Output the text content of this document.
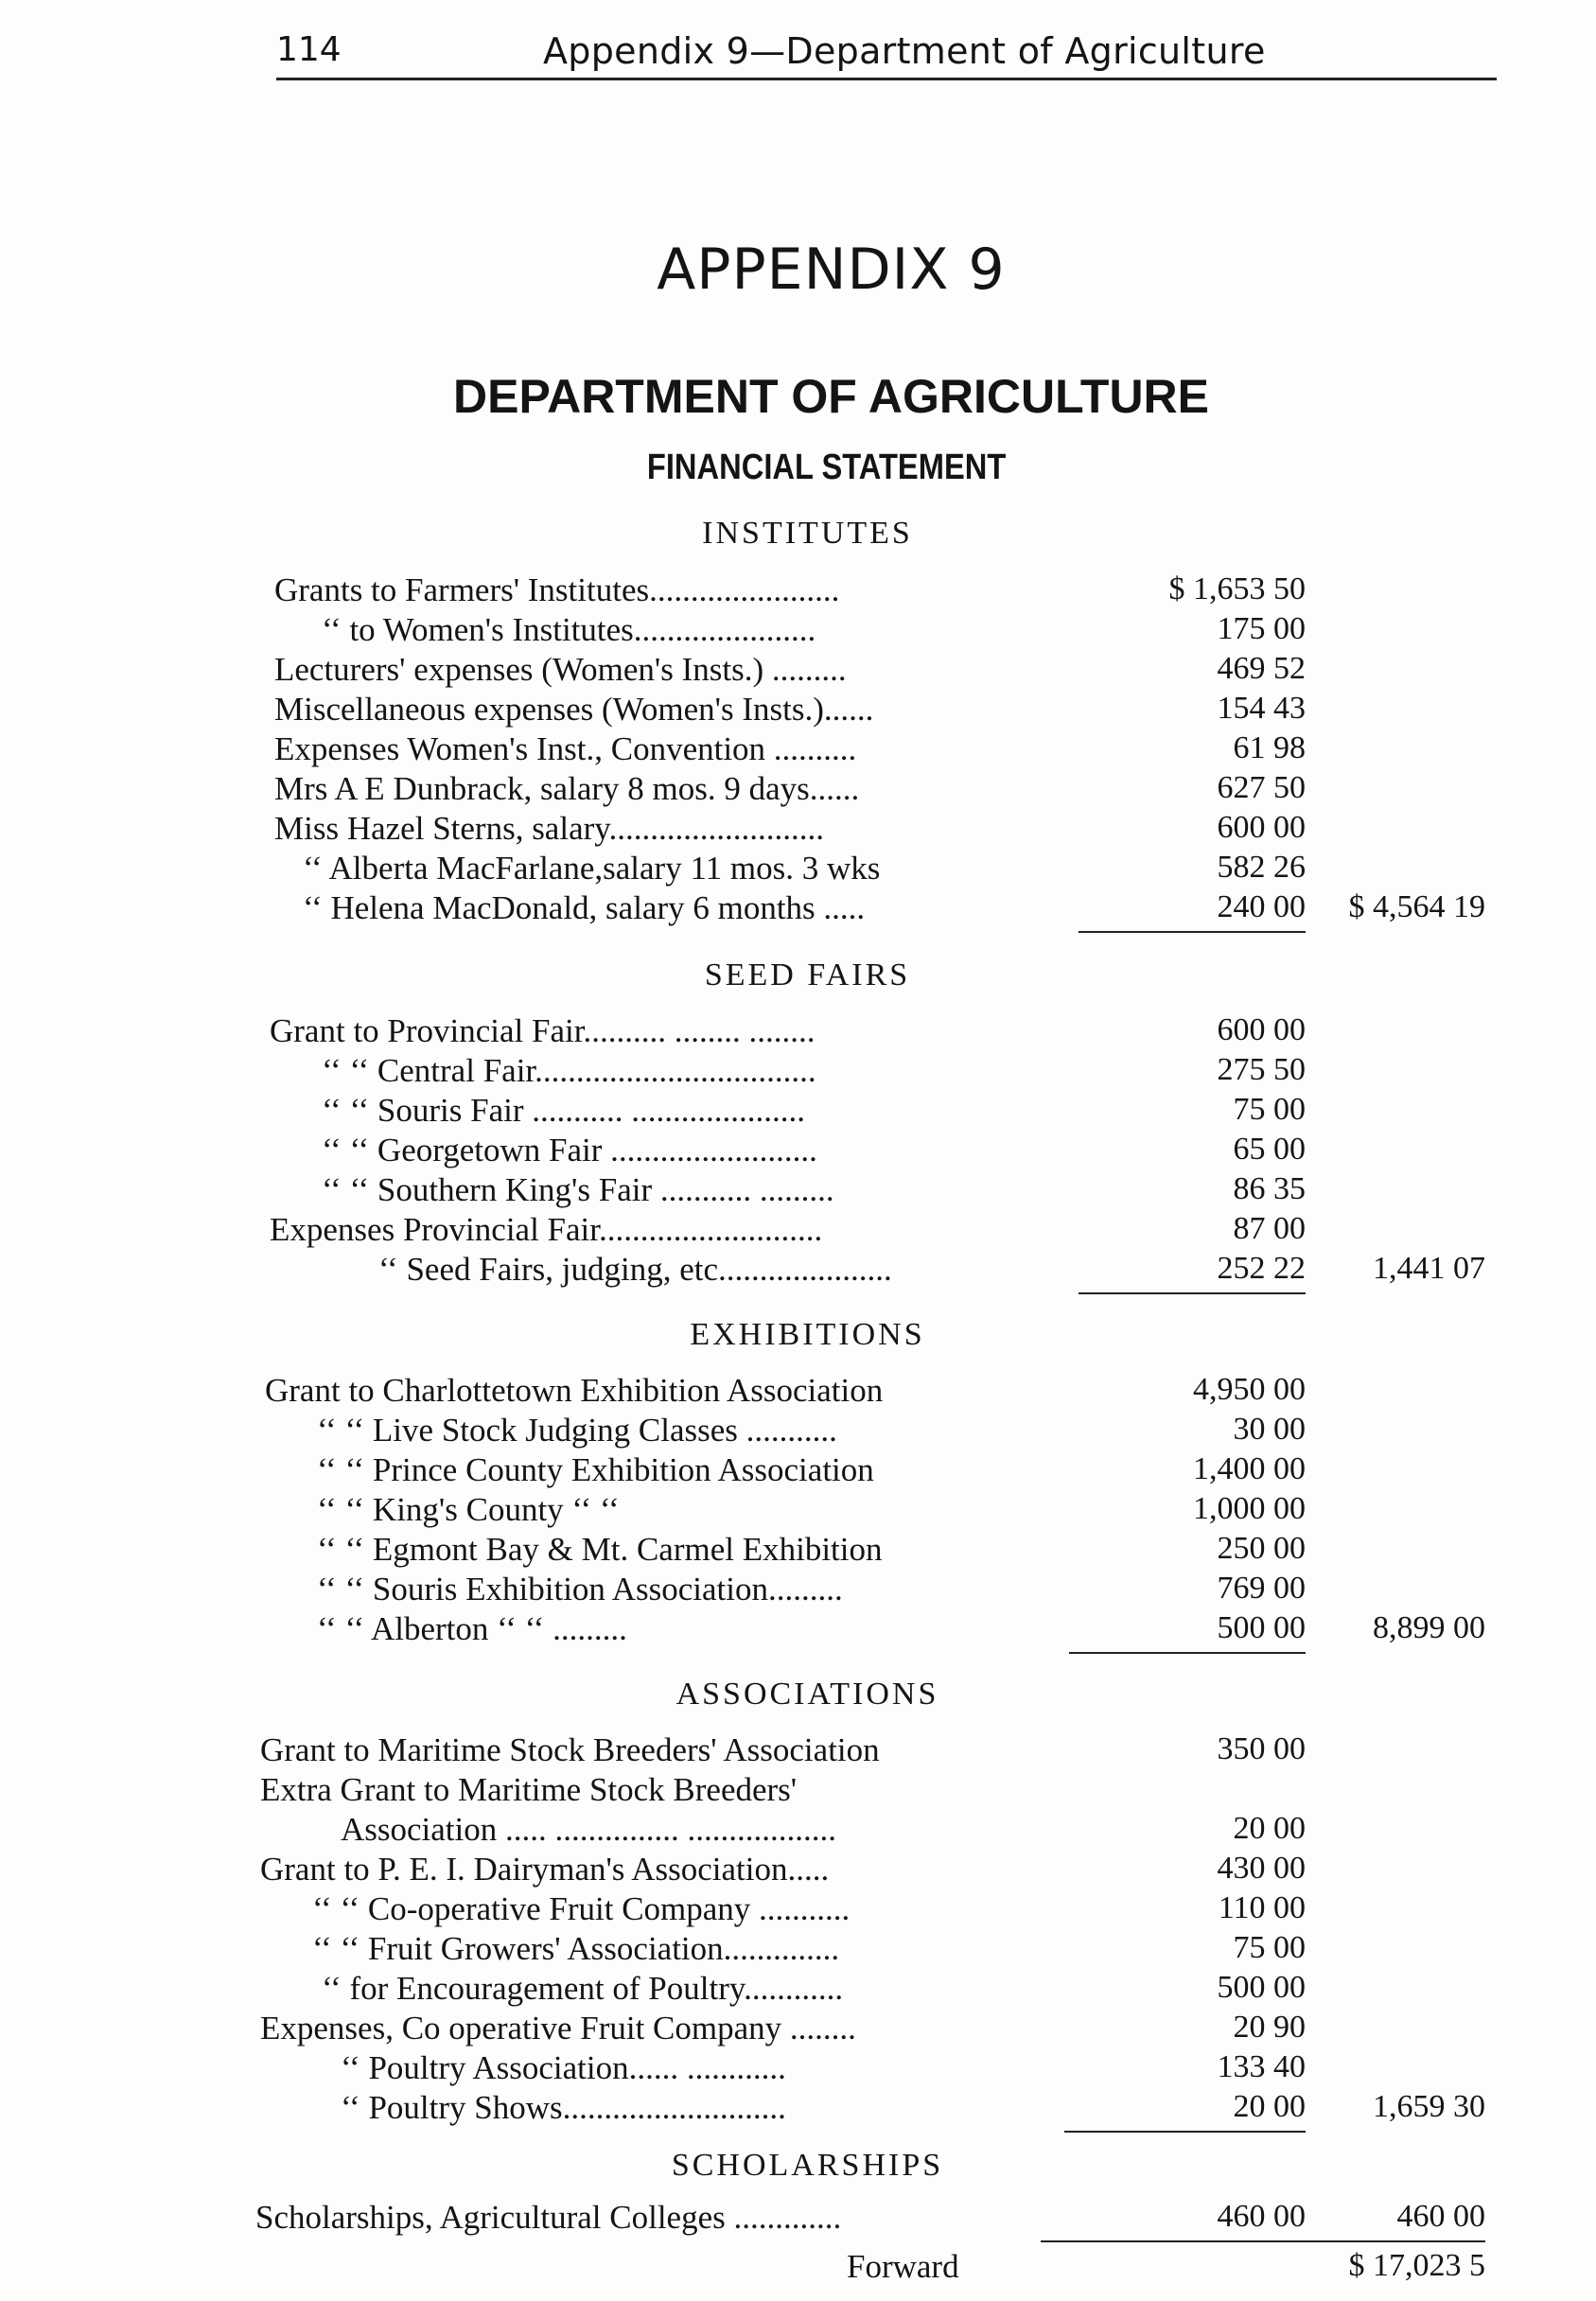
114	Appendix 9—Department of Agriculture
APPENDIX 9
DEPARTMENT OF AGRICULTURE
FINANCIAL STATEMENT
INSTITUTES
Grants to Farmers' Institutes.......................	$ 1,653 50
‘‘ to Women's Institutes......................	175 00
Lecturers' expenses (Women's Insts.) .........	469 52
Miscellaneous expenses (Women's Insts.)......	154 43
Expenses Women's Inst., Convention ..........	61 98
Mrs A E Dunbrack, salary 8 mos. 9 days......	627 50
Miss Hazel Sterns, salary..........................	600 00
‘‘ Alberta MacFarlane,salary 11 mos. 3 wks	582 26
‘‘ Helena MacDonald, salary 6 months .....	240 00	$ 4,564 19
SEED FAIRS
Grant to Provincial Fair.......... ........ ........	600 00
‘‘ ‘‘ Central Fair..................................	275 50
‘‘ ‘‘ Souris Fair ........... .....................	75 00
‘‘ ‘‘ Georgetown Fair .........................	65 00
‘‘ ‘‘ Southern King's Fair ........... .........	86 35
Expenses Provincial Fair...........................	87 00
‘‘ Seed Fairs, judging, etc.....................	252 22	1,441 07
EXHIBITIONS
Grant to Charlottetown Exhibition Association	4,950 00
‘‘ ‘‘ Live Stock Judging Classes ...........	30 00
‘‘ ‘‘ Prince County Exhibition Association	1,400 00
‘‘ ‘‘ King's County ‘‘ ‘‘	1,000 00
‘‘ ‘‘ Egmont Bay & Mt. Carmel Exhibition	250 00
‘‘ ‘‘ Souris Exhibition Association.........	769 00
‘‘ ‘‘ Alberton ‘‘ ‘‘ .........	500 00	8,899 00
ASSOCIATIONS
Grant to Maritime Stock Breeders' Association	350 00
Extra Grant to Maritime Stock Breeders'
Association ..... ............... ..................	20 00
Grant to P. E. I. Dairyman's Association.....	430 00
‘‘ ‘‘ Co-operative Fruit Company ...........	110 00
‘‘ ‘‘ Fruit Growers' Association..............	75 00
‘‘ for Encouragement of Poultry............	500 00
Expenses, Co operative Fruit Company ........	20 90
‘‘ Poultry Association...... ............	133 40
‘‘ Poultry Shows...........................	20 00	1,659 30
SCHOLARSHIPS
Scholarships, Agricultural Colleges .............	460 00	460 00
Forward	$ 17,023 5
